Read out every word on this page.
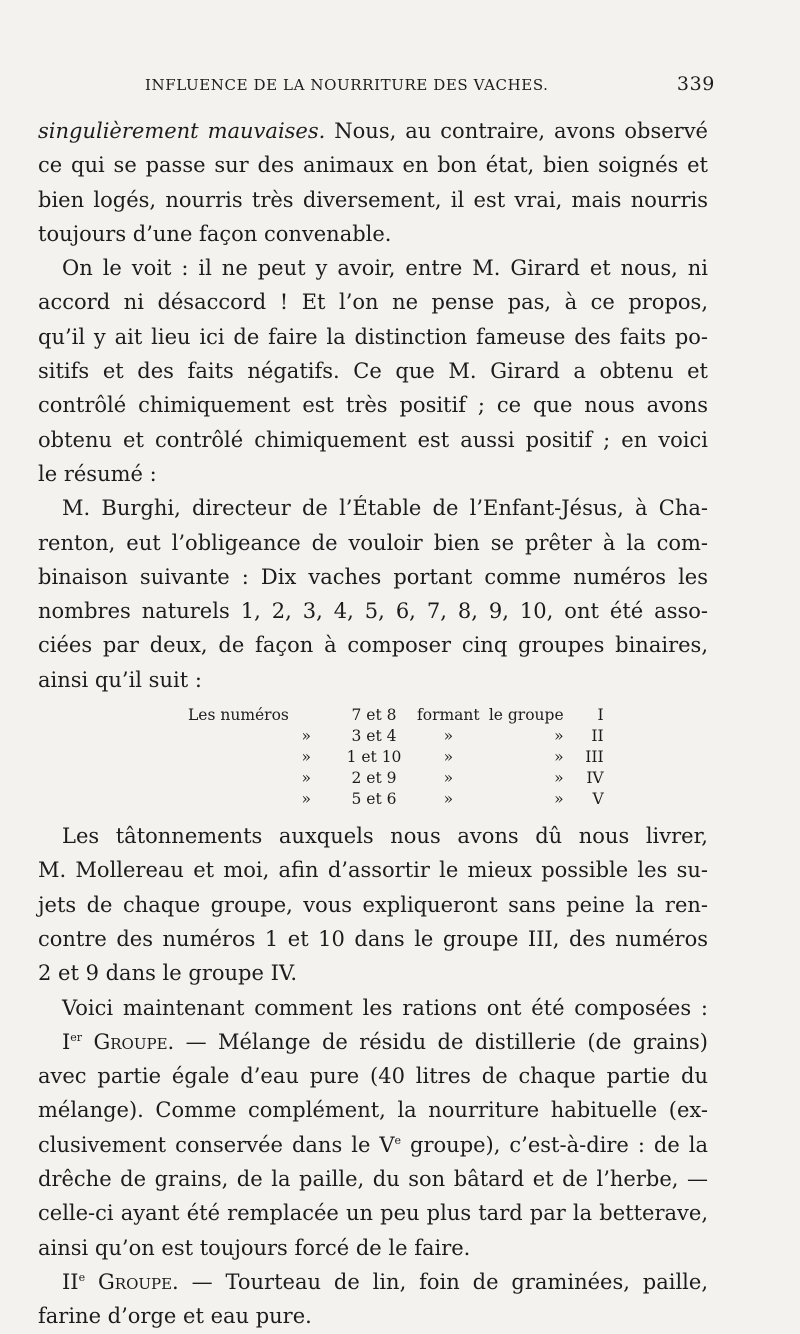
INFLUENCE DE LA NOURRITURE DES VACHES.	339
singulièrement mauvaises. Nous, au contraire, avons observé
ce qui se passe sur des animaux en bon état, bien soignés et
bien logés, nourris très diversement, il est vrai, mais nourris
toujours d’une façon convenable.
On le voit : il ne peut y avoir, entre M. Girard et nous, ni
accord ni désaccord ! Et l’on ne pense pas, à ce propos,
qu’il y ait lieu ici de faire la distinction fameuse des faits po-
sitifs et des faits négatifs. Ce que M. Girard a obtenu et
contrôlé chimiquement est très positif ; ce que nous avons
obtenu et contrôlé chimiquement est aussi positif ; en voici
le résumé :
M. Burghi, directeur de l’Étable de l’Enfant-Jésus, à Cha-
renton, eut l’obligeance de vouloir bien se prêter à la com-
binaison suivante : Dix vaches portant comme numéros les
nombres naturels 1, 2, 3, 4, 5, 6, 7, 8, 9, 10, ont été asso-
ciées par deux, de façon à composer cinq groupes binaires,
ainsi qu’il suit :
Les numéros	7 et 8	formant	le groupe	I
»	3 et 4	»	»	II
»	1 et 10	»	»	III
»	2 et 9	»	»	IV
»	5 et 6	»	»	V
Les tâtonnements auxquels nous avons dû nous livrer,
M. Mollereau et moi, afin d’assortir le mieux possible les su-
jets de chaque groupe, vous expliqueront sans peine la ren-
contre des numéros 1 et 10 dans le groupe III, des numéros
2 et 9 dans le groupe IV.
Voici maintenant comment les rations ont été composées :
Ier Groupe. — Mélange de résidu de distillerie (de grains)
avec partie égale d’eau pure (40 litres de chaque partie du
mélange). Comme complément, la nourriture habituelle (ex-
clusivement conservée dans le Ve groupe), c’est-à-dire : de la
drêche de grains, de la paille, du son bâtard et de l’herbe, —
celle-ci ayant été remplacée un peu plus tard par la betterave,
ainsi qu’on est toujours forcé de le faire.
IIe Groupe. — Tourteau de lin, foin de graminées, paille,
farine d’orge et eau pure.
